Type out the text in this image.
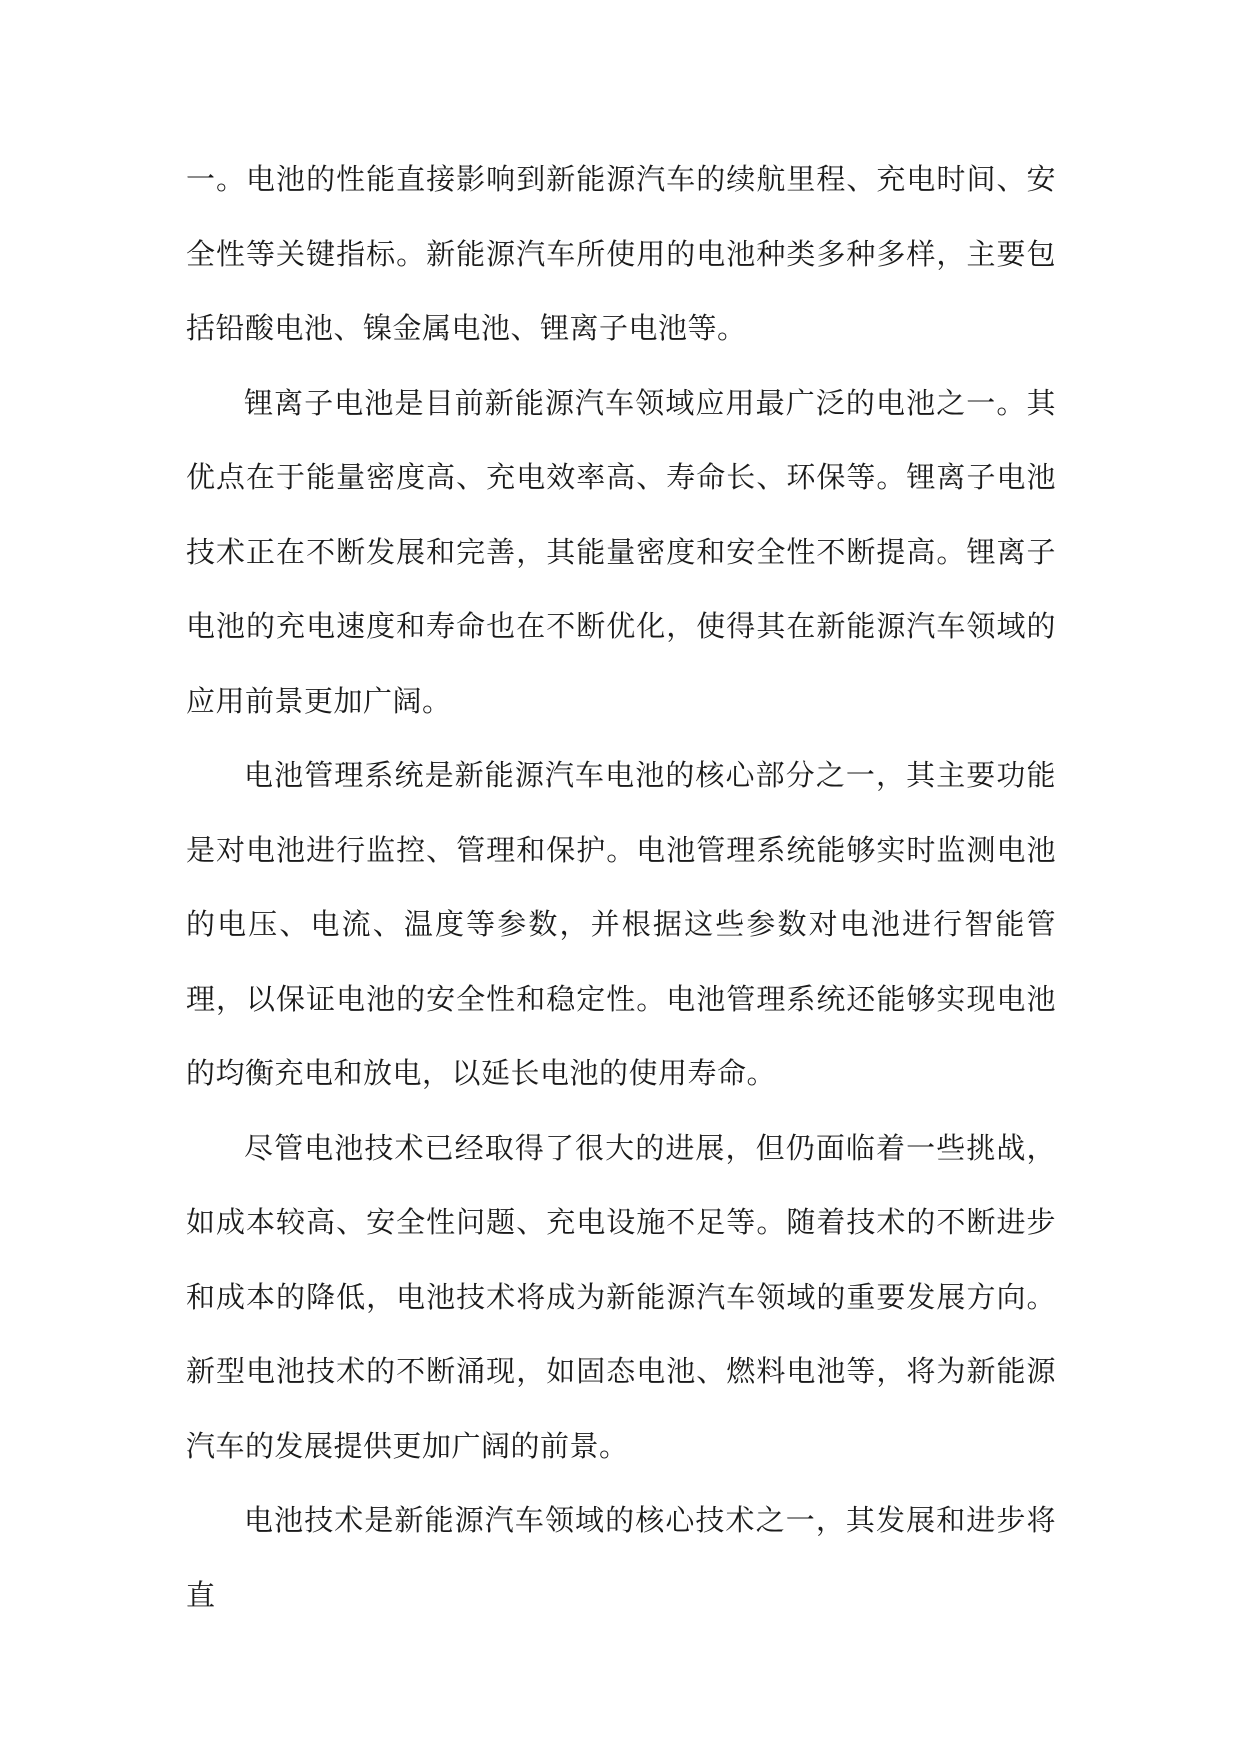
一。电池的性能直接影响到新能源汽车的续航里程、充电时间、安全性等关键指标。新能源汽车所使用的电池种类多种多样，主要包括铅酸电池、镍金属电池、锂离子电池等。

锂离子电池是目前新能源汽车领域应用最广泛的电池之一。其优点在于能量密度高、充电效率高、寿命长、环保等。锂离子电池技术正在不断发展和完善，其能量密度和安全性不断提高。锂离子电池的充电速度和寿命也在不断优化，使得其在新能源汽车领域的应用前景更加广阔。

电池管理系统是新能源汽车电池的核心部分之一，其主要功能是对电池进行监控、管理和保护。电池管理系统能够实时监测电池的电压、电流、温度等参数，并根据这些参数对电池进行智能管理，以保证电池的安全性和稳定性。电池管理系统还能够实现电池的均衡充电和放电，以延长电池的使用寿命。

尽管电池技术已经取得了很大的进展，但仍面临着一些挑战，如成本较高、安全性问题、充电设施不足等。随着技术的不断进步和成本的降低，电池技术将成为新能源汽车领域的重要发展方向。新型电池技术的不断涌现，如固态电池、燃料电池等，将为新能源汽车的发展提供更加广阔的前景。

电池技术是新能源汽车领域的核心技术之一，其发展和进步将直
